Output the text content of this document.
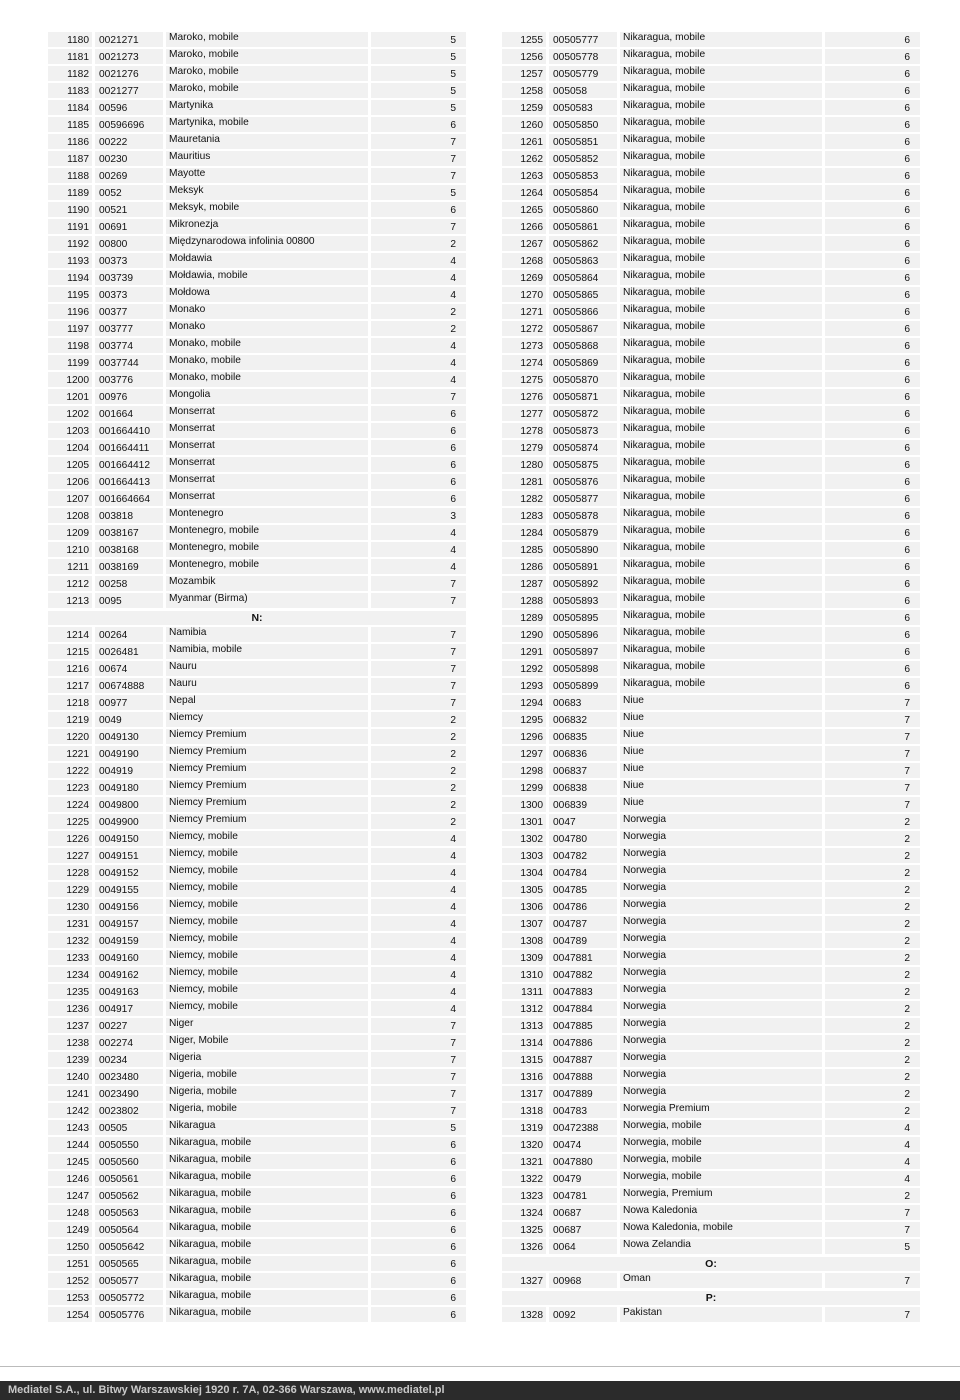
1180 0021271	Maroko, mobile	5
1181 0021273	Maroko, mobile	5
1182 0021276	Maroko, mobile	5
1183 0021277	Maroko, mobile	5
1184 00596	Martynika	5
1185 00596696	Martynika, mobile	6
1186 00222	Mauretania	7
1187 00230	Mauritius	7
1188 00269	Mayotte	7
1189 0052	Meksyk	5
1190 00521	Meksyk, mobile	6
1191 00691	Mikronezja	7
1192 00800	Międzynarodowa infolinia 00800	2
1193 00373	Mołdawia	4
1194 003739	Mołdawia, mobile	4
1195 00373	Mołdowa	4
1196 00377	Monako	2
1197 003777	Monako	2
1198 003774	Monako, mobile	4
1199 0037744	Monako, mobile	4
1200 003776	Monako, mobile	4
1201 00976	Mongolia	7
1202 001664	Monserrat	6
1203 001664410	Monserrat	6
1204 001664411	Monserrat	6
1205 001664412	Monserrat	6
1206 001664413	Monserrat	6
1207 001664664	Monserrat	6
1208 003818	Montenegro	3
1209 0038167	Montenegro, mobile	4
1210 0038168	Montenegro, mobile	4
1211 0038169	Montenegro, mobile	4
1212 00258	Mozambik	7
1213 0095	Myanmar (Birma)	7
N:
1214 00264	Namibia	7
1215 0026481	Namibia, mobile	7
1216 00674	Nauru	7
1217 00674888	Nauru	7
1218 00977	Nepal	7
1219 0049	Niemcy	2
1220 0049130	Niemcy Premium	2
1221 0049190	Niemcy Premium	2
1222 004919	Niemcy Premium	2
1223 0049180	Niemcy Premium	2
1224 0049800	Niemcy Premium	2
1225 0049900	Niemcy Premium	2
1226 0049150	Niemcy, mobile	4
1227 0049151	Niemcy, mobile	4
1228 0049152	Niemcy, mobile	4
1229 0049155	Niemcy, mobile	4
1230 0049156	Niemcy, mobile	4
1231 0049157	Niemcy, mobile	4
1232 0049159	Niemcy, mobile	4
1233 0049160	Niemcy, mobile	4
1234 0049162	Niemcy, mobile	4
1235 0049163	Niemcy, mobile	4
1236 004917	Niemcy, mobile	4
1237 00227	Niger	7
1238 002274	Niger, Mobile	7
1239 00234	Nigeria	7
1240 0023480	Nigeria, mobile	7
1241 0023490	Nigeria, mobile	7
1242 0023802	Nigeria, mobile	7
1243 00505	Nikaragua	5
1244 0050550	Nikaragua, mobile	6
1245 0050560	Nikaragua, mobile	6
1246 0050561	Nikaragua, mobile	6
1247 0050562	Nikaragua, mobile	6
1248 0050563	Nikaragua, mobile	6
1249 0050564	Nikaragua, mobile	6
1250 00505642	Nikaragua, mobile	6
1251 0050565	Nikaragua, mobile	6
1252 0050577	Nikaragua, mobile	6
1253 00505772	Nikaragua, mobile	6
1254 00505776	Nikaragua, mobile	6
1255 00505777	Nikaragua, mobile	6
1256 00505778	Nikaragua, mobile	6
1257 00505779	Nikaragua, mobile	6
1258 005058	Nikaragua, mobile	6
1259 0050583	Nikaragua, mobile	6
1260 00505850	Nikaragua, mobile	6
1261 00505851	Nikaragua, mobile	6
1262 00505852	Nikaragua, mobile	6
1263 00505853	Nikaragua, mobile	6
1264 00505854	Nikaragua, mobile	6
1265 00505860	Nikaragua, mobile	6
1266 00505861	Nikaragua, mobile	6
1267 00505862	Nikaragua, mobile	6
1268 00505863	Nikaragua, mobile	6
1269 00505864	Nikaragua, mobile	6
1270 00505865	Nikaragua, mobile	6
1271 00505866	Nikaragua, mobile	6
1272 00505867	Nikaragua, mobile	6
1273 00505868	Nikaragua, mobile	6
1274 00505869	Nikaragua, mobile	6
1275 00505870	Nikaragua, mobile	6
1276 00505871	Nikaragua, mobile	6
1277 00505872	Nikaragua, mobile	6
1278 00505873	Nikaragua, mobile	6
1279 00505874	Nikaragua, mobile	6
1280 00505875	Nikaragua, mobile	6
1281 00505876	Nikaragua, mobile	6
1282 00505877	Nikaragua, mobile	6
1283 00505878	Nikaragua, mobile	6
1284 00505879	Nikaragua, mobile	6
1285 00505890	Nikaragua, mobile	6
1286 00505891	Nikaragua, mobile	6
1287 00505892	Nikaragua, mobile	6
1288 00505893	Nikaragua, mobile	6
1289 00505895	Nikaragua, mobile	6
1290 00505896	Nikaragua, mobile	6
1291 00505897	Nikaragua, mobile	6
1292 00505898	Nikaragua, mobile	6
1293 00505899	Nikaragua, mobile	6
1294 00683	Niue	7
1295 006832	Niue	7
1296 006835	Niue	7
1297 006836	Niue	7
1298 006837	Niue	7
1299 006838	Niue	7
1300 006839	Niue	7
1301 0047	Norwegia	2
1302 004780	Norwegia	2
1303 004782	Norwegia	2
1304 004784	Norwegia	2
1305 004785	Norwegia	2
1306 004786	Norwegia	2
1307 004787	Norwegia	2
1308 004789	Norwegia	2
1309 0047881	Norwegia	2
1310 0047882	Norwegia	2
1311 0047883	Norwegia	2
1312 0047884	Norwegia	2
1313 0047885	Norwegia	2
1314 0047886	Norwegia	2
1315 0047887	Norwegia	2
1316 0047888	Norwegia	2
1317 0047889	Norwegia	2
1318 004783	Norwegia Premium	2
1319 00472388	Norwegia, mobile	4
1320 00474	Norwegia, mobile	4
1321 0047880	Norwegia, mobile	4
1322 00479	Norwegia, mobile	4
1323 004781	Norwegia, Premium	2
1324 00687	Nowa Kaledonia	7
1325 00687	Nowa Kaledonia, mobile	7
1326 0064	Nowa Zelandia	5
O:
1327 00968	Oman	7
P:
1328 0092	Pakistan	7
Mediatel S.A., ul. Bitwy Warszawskiej 1920 r. 7A, 02-366 Warszawa, www.mediatel.pl
